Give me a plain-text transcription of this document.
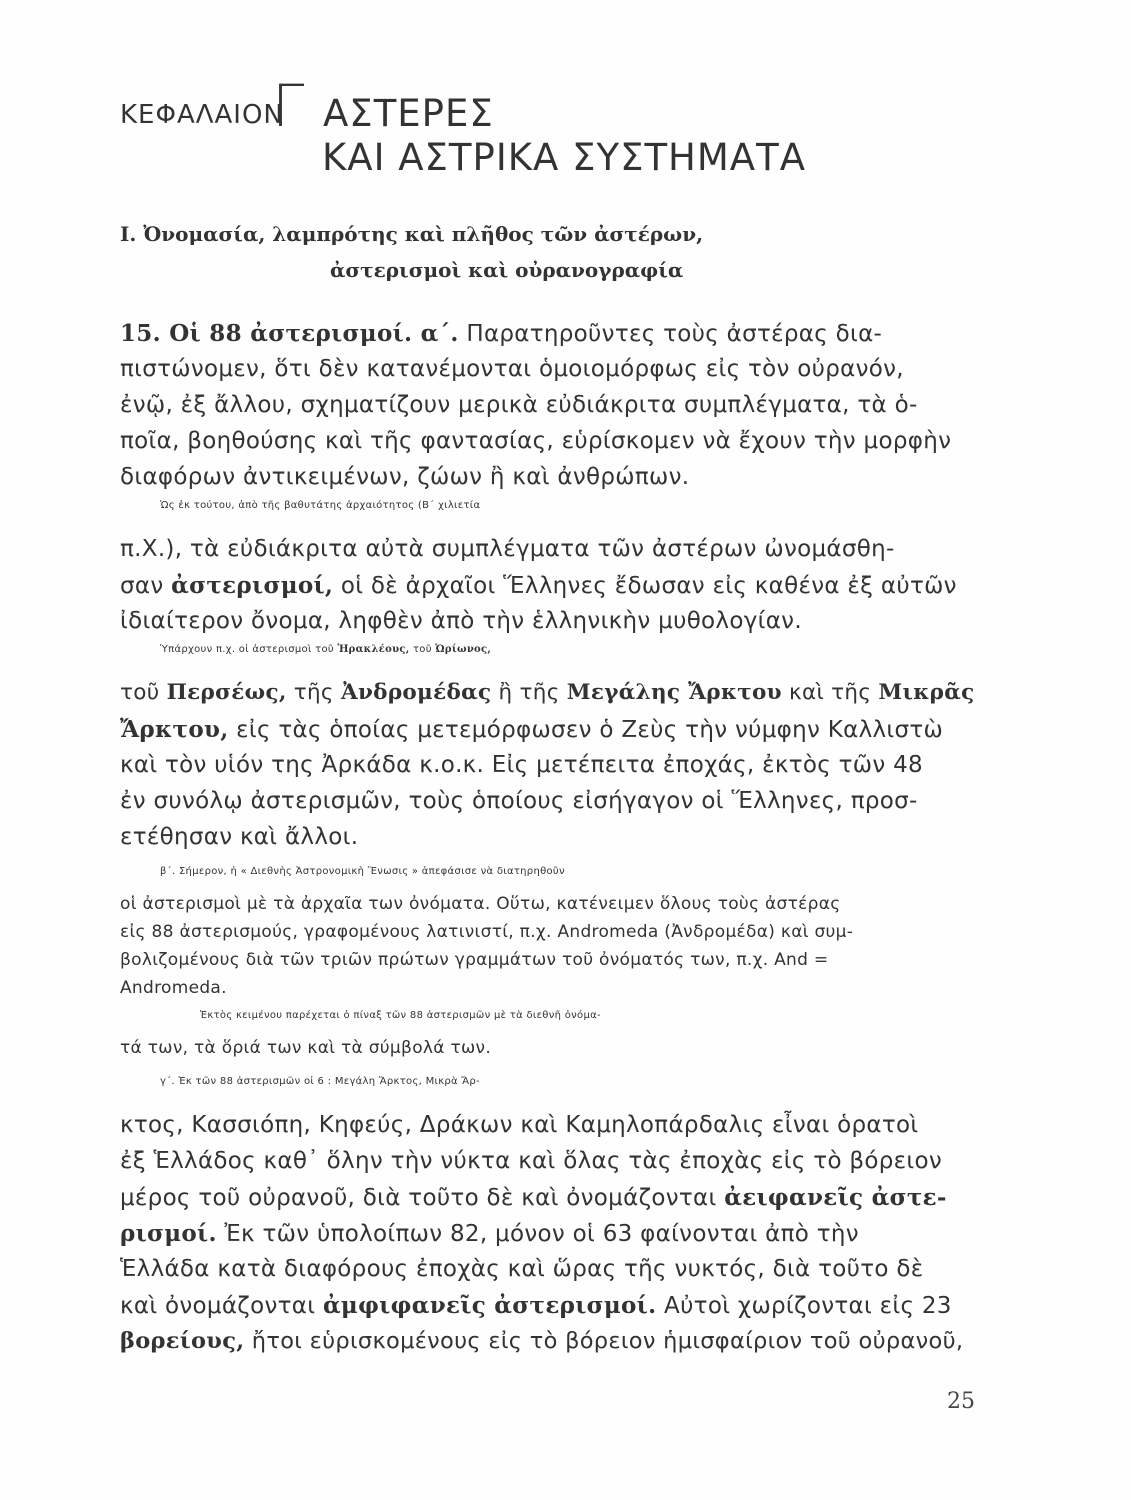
ΚΕΦΑΛΑΙΟΝ
Γ ΑΣΤΕΡΕΣ
ΚΑΙ ΑΣΤΡΙΚΑ ΣΥΣΤΗΜΑΤΑ
Ι. Ὀνομασία, λαμπρότης καὶ πλῆθος τῶν ἀστέρων,
ἀστερισμοὶ καὶ οὐρανογραφία
15. Οἱ 88 ἀστερισμοί. α΄. Παρατηροῦντες τοὺς ἀστέρας δια-
πιστώνομεν, ὅτι δὲν κατανέμονται ὁμοιομόρφως εἰς τὸν οὐρανόν,
ἐνῷ, ἐξ ἄλλου, σχηματίζουν μερικὰ εὐδιάκριτα συμπλέγματα, τὰ ὁ-
ποῖα, βοηθούσης καὶ τῆς φαντασίας, εὑρίσκομεν νὰ ἔχουν τὴν μορφὴν
διαφόρων ἀντικειμένων, ζώων ἢ καὶ ἀνθρώπων.
Ὡς ἐκ τούτου, ἀπὸ τῆς βαθυτάτης ἀρχαιότητος (Β΄ χιλιετία
π.Χ.), τὰ εὐδιάκριτα αὐτὰ συμπλέγματα τῶν ἀστέρων ὠνομάσθη-
σαν ἀστερισμοί, οἱ δὲ ἀρχαῖοι Ἕλληνες ἔδωσαν εἰς καθένα ἐξ αὐτῶν
ἰδιαίτερον ὄνομα, ληφθὲν ἀπὸ τὴν ἑλληνικὴν μυθολογίαν.
Ὑπάρχουν π.χ. οἱ ἀστερισμοὶ τοῦ Ἡρακλέους, τοῦ Ὠρίωνος,
τοῦ Περσέως, τῆς Ἀνδρομέδας ἢ τῆς Μεγάλης Ἄρκτου καὶ τῆς Μικρᾶς
Ἄρκτου, εἰς τὰς ὁποίας μετεμόρφωσεν ὁ Ζεὺς τὴν νύμφην Καλλιστὼ
καὶ τὸν υἱόν της Ἀρκάδα κ.ο.κ. Εἰς μετέπειτα ἐποχάς, ἐκτὸς τῶν 48
ἐν συνόλῳ ἀστερισμῶν, τοὺς ὁποίους εἰσήγαγον οἱ Ἕλληνες, προσ-
ετέθησαν καὶ ἄλλοι.
β΄. Σήμερον, ἡ « Διεθνὴς Ἀστρονομικὴ Ἕνωσις » ἀπεφάσισε νὰ διατηρηθοῦν
οἱ ἀστερισμοὶ μὲ τὰ ἀρχαῖα των ὀνόματα. Οὕτω, κατένειμεν ὅλους τοὺς ἀστέρας
εἰς 88 ἀστερισμούς, γραφομένους λατινιστί, π.χ. Andromeda (Ἀνδρομέδα) καὶ συμ-
βολιζομένους διὰ τῶν τριῶν πρώτων γραμμάτων τοῦ ὀνόματός των, π.χ. And =
Andromeda.
Ἐκτὸς κειμένου παρέχεται ὁ πίναξ τῶν 88 ἀστερισμῶν μὲ τὰ διεθνῆ ὀνόμα-
τά των, τὰ ὅριά των καὶ τὰ σύμβολά των.
γ΄. Ἐκ τῶν 88 ἀστερισμῶν οἱ 6 : Μεγάλη Ἄρκτος, Μικρὰ Ἄρ-
κτος, Κασσιόπη, Κηφεύς, Δράκων καὶ Καμηλοπάρδαλις εἶναι ὁρατοὶ
ἐξ Ἑλλάδος καθ᾽ ὅλην τὴν νύκτα καὶ ὅλας τὰς ἐποχὰς εἰς τὸ βόρειον
μέρος τοῦ οὐρανοῦ, διὰ τοῦτο δὲ καὶ ὀνομάζονται ἀειφανεῖς ἀστε-
ρισμοί. Ἐκ τῶν ὑπολοίπων 82, μόνον οἱ 63 φαίνονται ἀπὸ τὴν
Ἑλλάδα κατὰ διαφόρους ἐποχὰς καὶ ὥρας τῆς νυκτός, διὰ τοῦτο δὲ
καὶ ὀνομάζονται ἀμφιφανεῖς ἀστερισμοί. Αὐτοὶ χωρίζονται εἰς 23
βορείους, ἤτοι εὑρισκομένους εἰς τὸ βόρειον ἡμισφαίριον τοῦ οὐρανοῦ,
25
